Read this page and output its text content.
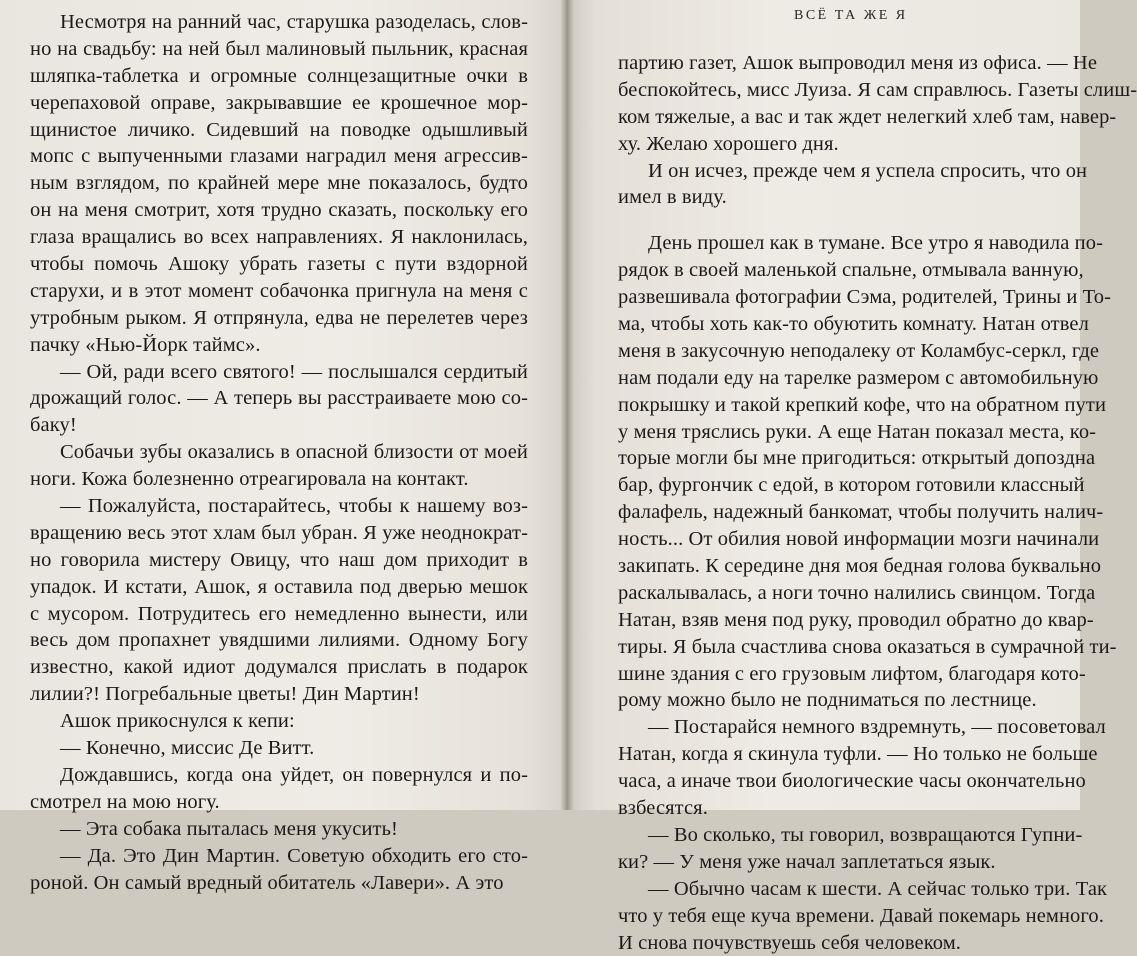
Несмотря на ранний час, старушка разоделась, слов-
но на свадьбу: на ней был малиновый пыльник, красная
шляпка-таблетка и огромные солнцезащитные очки в
черепаховой оправе, закрывавшие ее крошечное мор-
щинистое личико. Сидевший на поводке одышливый
мопс с выпученными глазами наградил меня агрессив-
ным взглядом, по крайней мере мне показалось, будто
он на меня смотрит, хотя трудно сказать, поскольку его
глаза вращались во всех направлениях. Я наклонилась,
чтобы помочь Ашоку убрать газеты с пути вздорной
старухи, и в этот момент собачонка пригнула на меня с
утробным рыком. Я отпрянула, едва не перелетев через
пачку «Нью-Йорк таймс».
— Ой, ради всего святого! — послышался сердитый
дрожащий голос. — А теперь вы расстраиваете мою со-
баку!
Собачьи зубы оказались в опасной близости от моей
ноги. Кожа болезненно отреагировала на контакт.
— Пожалуйста, постарайтесь, чтобы к нашему воз-
вращению весь этот хлам был убран. Я уже неоднократ-
но говорила мистеру Овицу, что наш дом приходит в
упадок. И кстати, Ашок, я оставила под дверью мешок
с мусором. Потрудитесь его немедленно вынести, или
весь дом пропахнет увядшими лилиями. Одному Богу
известно, какой идиот додумался прислать в подарок
лилии?! Погребальные цветы! Дин Мартин!
Ашок прикоснулся к кепи:
— Конечно, миссис Де Витт.
Дождавшись, когда она уйдет, он повернулся и по-
смотрел на мою ногу.
— Эта собака пыталась меня укусить!
— Да. Это Дин Мартин. Советую обходить его сто-
роной. Он самый вредный обитатель «Лавери». А это
ВСЁ ТА ЖЕ Я
партию газет, Ашок выпроводил меня из офиса. — Не
беспокойтесь, мисс Луиза. Я сам справлюсь. Газеты слиш-
ком тяжелые, а вас и так ждет нелегкий хлеб там, навер-
ху. Желаю хорошего дня.
И он исчез, прежде чем я успела спросить, что он
имел в виду.
День прошел как в тумане. Все утро я наводила по-
рядок в своей маленькой спальне, отмывала ванную,
развешивала фотографии Сэма, родителей, Трины и То-
ма, чтобы хоть как-то обуютить комнату. Натан отвел
меня в закусочную неподалеку от Коламбус-серкл, где
нам подали еду на тарелке размером с автомобильную
покрышку и такой крепкий кофе, что на обратном пути
у меня тряслись руки. А еще Натан показал места, ко-
торые могли бы мне пригодиться: открытый допоздна
бар, фургончик с едой, в котором готовили классный
фалафель, надежный банкомат, чтобы получить налич-
ность... От обилия новой информации мозги начинали
закипать. К середине дня моя бедная голова буквально
раскалывалась, а ноги точно налились свинцом. Тогда
Натан, взяв меня под руку, проводил обратно до квар-
тиры. Я была счастлива снова оказаться в сумрачной ти-
шине здания с его грузовым лифтом, благодаря кото-
рому можно было не подниматься по лестнице.
— Постарайся немного вздремнуть, — посоветовал
Натан, когда я скинула туфли. — Но только не больше
часа, а иначе твои биологические часы окончательно
взбесятся.
— Во сколько, ты говорил, возвращаются Гупни-
ки? — У меня уже начал заплетаться язык.
— Обычно часам к шести. А сейчас только три. Так
что у тебя еще куча времени. Давай покемарь немного.
И снова почувствуешь себя человеком.
